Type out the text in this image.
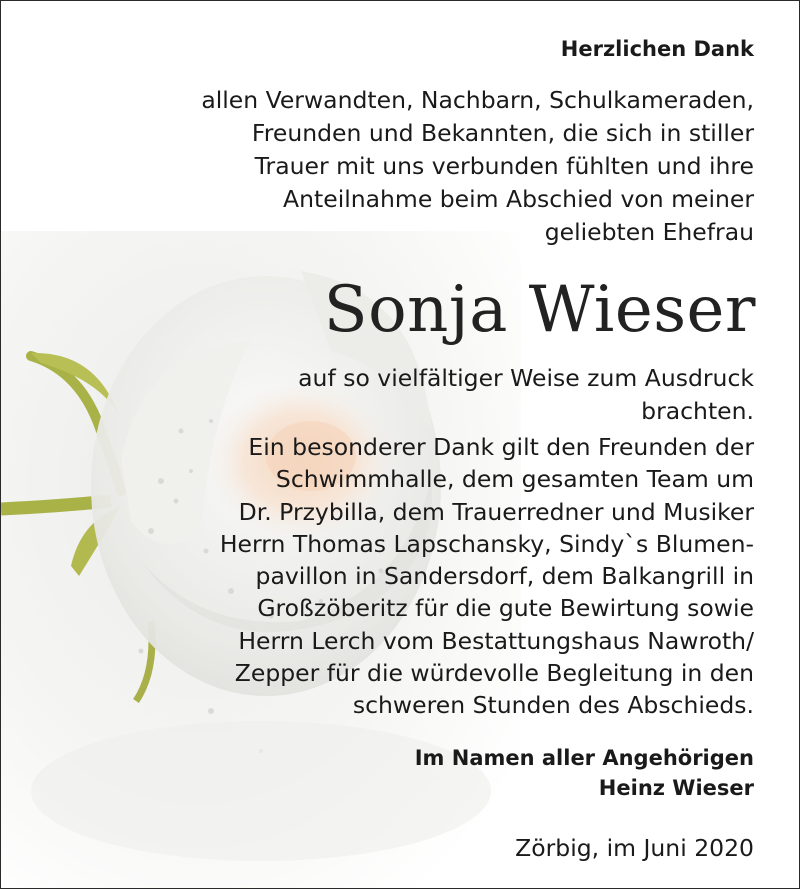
Herzlichen Dank
allen Verwandten, Nachbarn, Schulkameraden,
Freunden und Bekannten, die sich in stiller
Trauer mit uns verbunden fühlten und ihre
Anteilnahme beim Abschied von meiner
geliebten Ehefrau
Sonja Wieser
auf so vielfältiger Weise zum Ausdruck
brachten.
Ein besonderer Dank gilt den Freunden der
Schwimmhalle, dem gesamten Team um
Dr. Przybilla, dem Trauerredner und Musiker
Herrn Thomas Lapschansky, Sindy`s Blumen-
pavillon in Sandersdorf, dem Balkangrill in
Großzöberitz für die gute Bewirtung sowie
Herrn Lerch vom Bestattungshaus Nawroth/
Zepper für die würdevolle Begleitung in den
schweren Stunden des Abschieds.
Im Namen aller Angehörigen
Heinz Wieser
Zörbig, im Juni 2020
